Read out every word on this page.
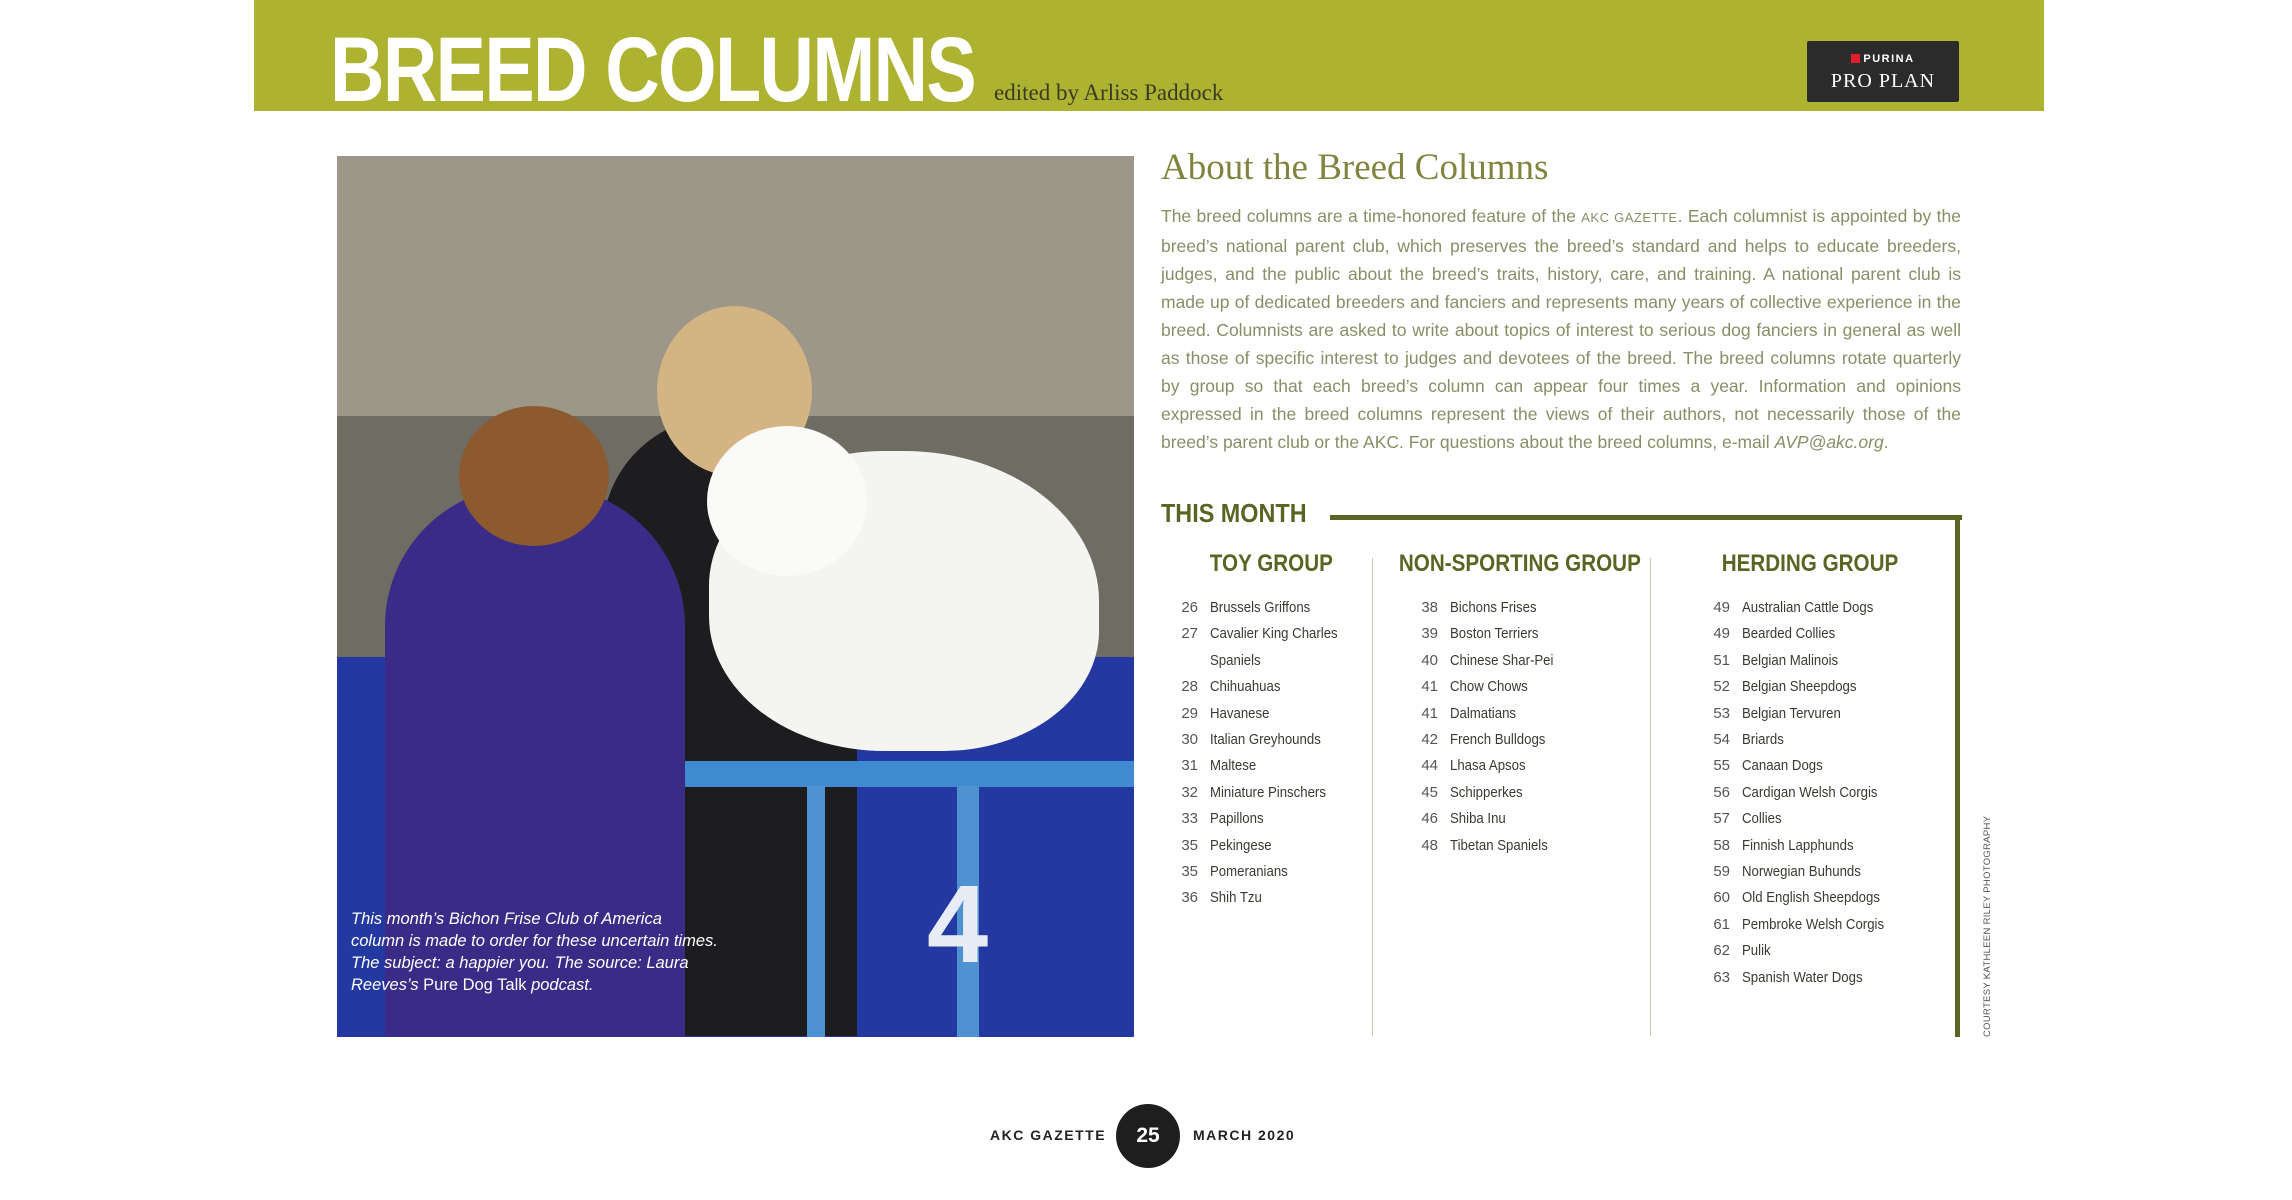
BREED COLUMNS edited by Arliss Paddock
PURINA
PRO PLAN
4
This month’s Bichon Frise Club of America
column is made to order for these uncertain times.
The subject: a happier you. The source: Laura
Reeves’s Pure Dog Talk podcast.
About the Breed Columns
The breed columns are a time-honored feature of the AKC GAZETTE. Each columnist is appointed by the breed’s national parent club, which preserves the breed’s standard and helps to educate breeders, judges, and the public about the breed’s traits, history, care, and training. A national parent club is made up of dedicated breeders and fanciers and represents many years of collective experience in the breed. Columnists are asked to write about topics of interest to serious dog fanciers in general as well as those of specific interest to judges and devotees of the breed. The breed columns rotate quarterly by group so that each breed’s column can appear four times a year. Information and opinions expressed in the breed columns represent the views of their authors, not necessarily those of the breed’s parent club or the AKC. For questions about the breed columns, e-mail AVP@akc.org.
THIS MONTH
TOY GROUP	NON-SPORTING GROUP	HERDING GROUP
26 Brussels Griffons
27 Cavalier King Charles
Spaniels
28 Chihuahuas
29 Havanese
30 Italian Greyhounds
31 Maltese
32 Miniature Pinschers
33 Papillons
35 Pekingese
35 Pomeranians
36 Shih Tzu
38 Bichons Frises
39 Boston Terriers
40 Chinese Shar-Pei
41 Chow Chows
41 Dalmatians
42 French Bulldogs
44 Lhasa Apsos
45 Schipperkes
46 Shiba Inu
48 Tibetan Spaniels
49 Australian Cattle Dogs
49 Bearded Collies
51 Belgian Malinois
52 Belgian Sheepdogs
53 Belgian Tervuren
54 Briards
55 Canaan Dogs
56 Cardigan Welsh Corgis
57 Collies
58 Finnish Lapphunds
59 Norwegian Buhunds
60 Old English Sheepdogs
61 Pembroke Welsh Corgis
62 Pulik
63 Spanish Water Dogs	COURTESY KATHLEEN RILEY PHOTOGRAPHY
AKC GAZETTE	25	MARCH 2020
